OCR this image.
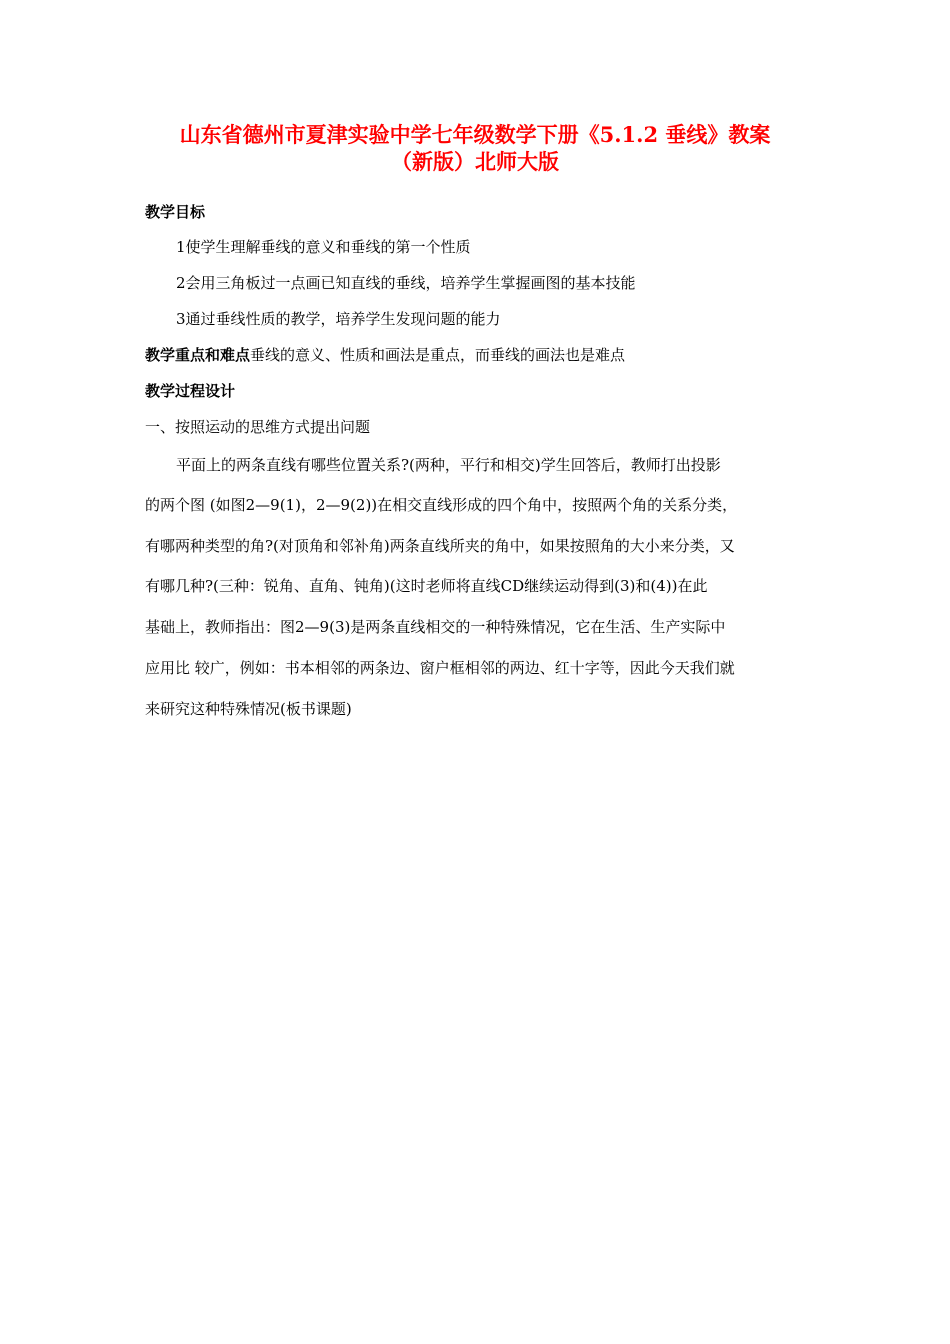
山东省德州市夏津实验中学七年级数学下册《5.1.2 垂线》教案
（新版）北师大版
教学目标
1使学生理解垂线的意义和垂线的第一个性质
2会用三角板过一点画已知直线的垂线，培养学生掌握画图的基本技能
3通过垂线性质的教学，培养学生发现问题的能力
教学重点和难点垂线的意义、性质和画法是重点，而垂线的画法也是难点
教学过程设计
一、按照运动的思维方式提出问题
平面上的两条直线有哪些位置关系?(两种，平行和相交)学生回答后，教师打出投影
的两个图 (如图2—9(1)，2—9(2))在相交直线形成的四个角中，按照两个角的关系分类，
有哪两种类型的角?(对顶角和邻补角)两条直线所夹的角中，如果按照角的大小来分类，又
有哪几种?(三种：锐角、直角、钝角)(这时老师将直线CD继续运动得到(3)和(4))在此
基础上，教师指出：图2—9(3)是两条直线相交的一种特殊情况，它在生活、生产实际中
应用比 较广，例如：书本相邻的两条边、窗户框相邻的两边、红十字等，因此今天我们就
来研究这种特殊情况(板书课题)
